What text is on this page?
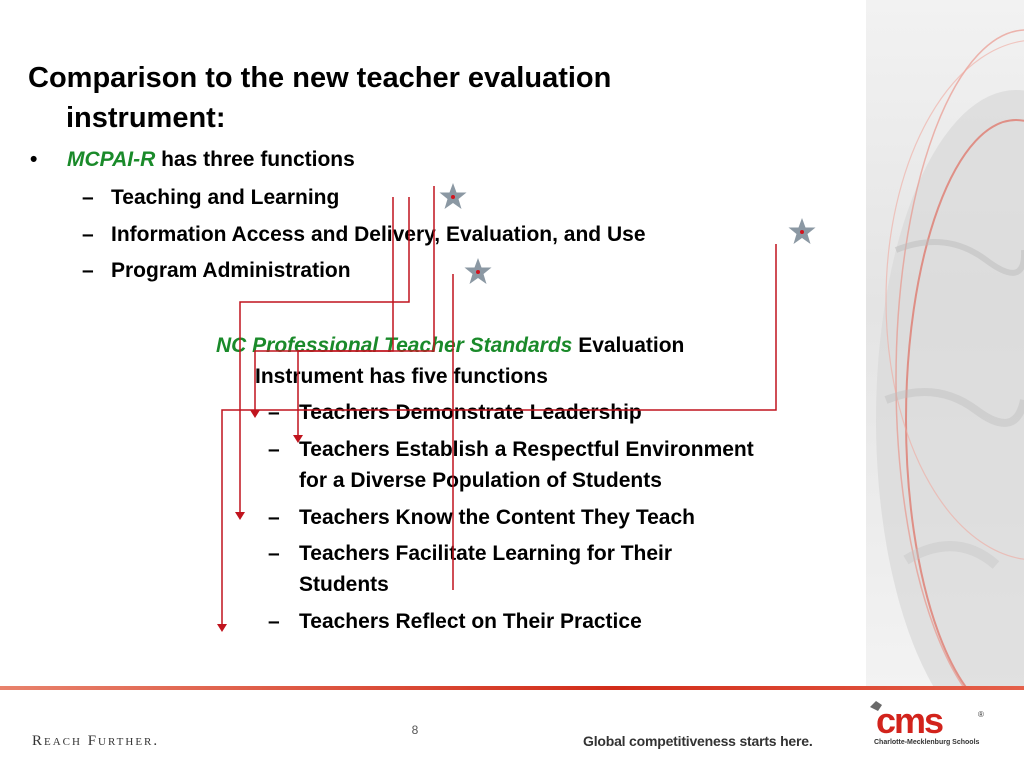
Comparison to the new teacher evaluation
instrument:
• MCPAI-R has three functions
– Teaching and Learning
– Information Access and Delivery, Evaluation, and Use
– Program Administration
NC Professional Teacher Standards Evaluation
Instrument has five functions
– Teachers Demonstrate Leadership
– Teachers Establish a Respectful Environment
for a Diverse Population of Students
– Teachers Know the Content They Teach
– Teachers Facilitate Learning for Their
Students
– Teachers Reflect on Their Practice
Reach Further.
8
Global competitiveness starts here. cms	®
Charlotte-Mecklenburg Schools
